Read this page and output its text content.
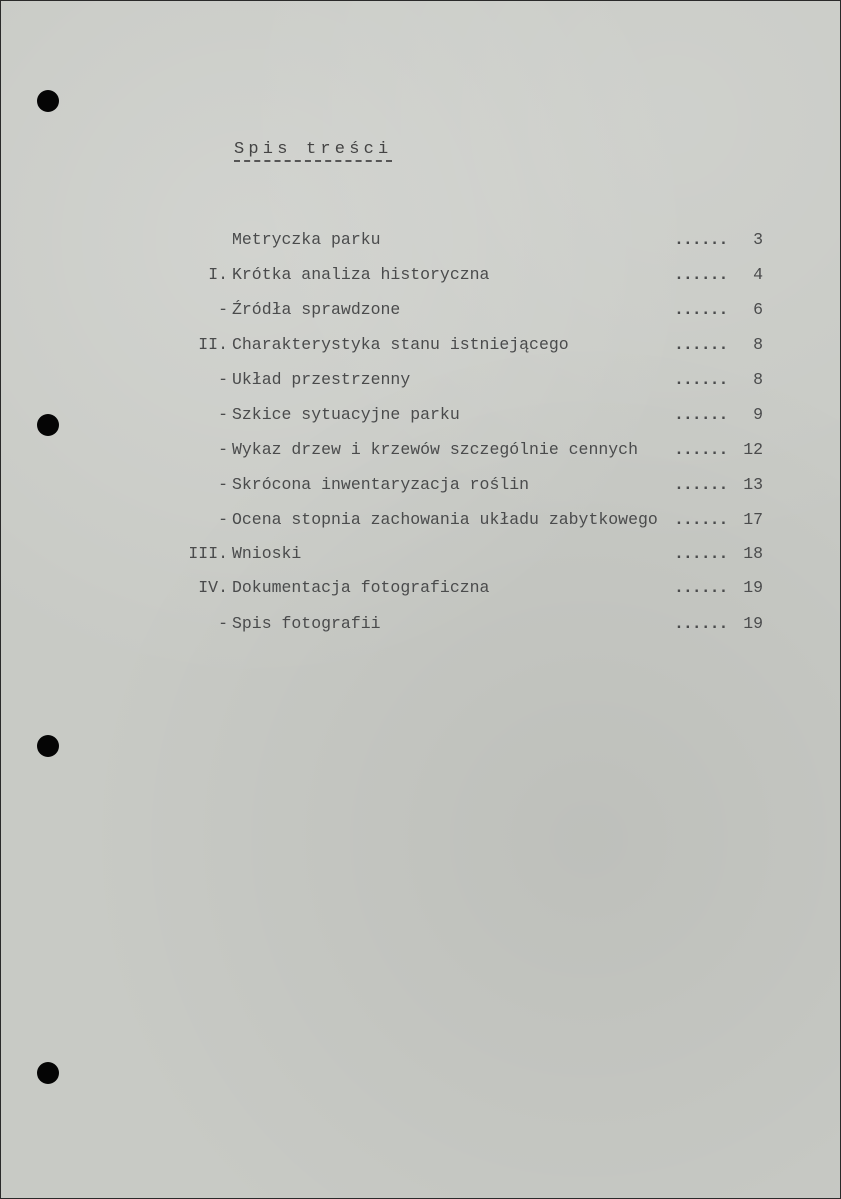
Spis treści
Metryczka parku	...... 3
I. Krótka analiza historyczna	...... 4
- Źródła sprawdzone	...... 6
II. Charakterystyka stanu istniejącego	...... 8
- Układ przestrzenny	...... 8
- Szkice sytuacyjne parku	...... 9
- Wykaz drzew i krzewów szczególnie cennych ...... 12
- Skrócona inwentaryzacja roślin	...... 13
- Ocena stopnia zachowania układu zabytkowego ...... 17
III. Wnioski	...... 18
IV. Dokumentacja fotograficzna	...... 19
- Spis fotografii	...... 19
